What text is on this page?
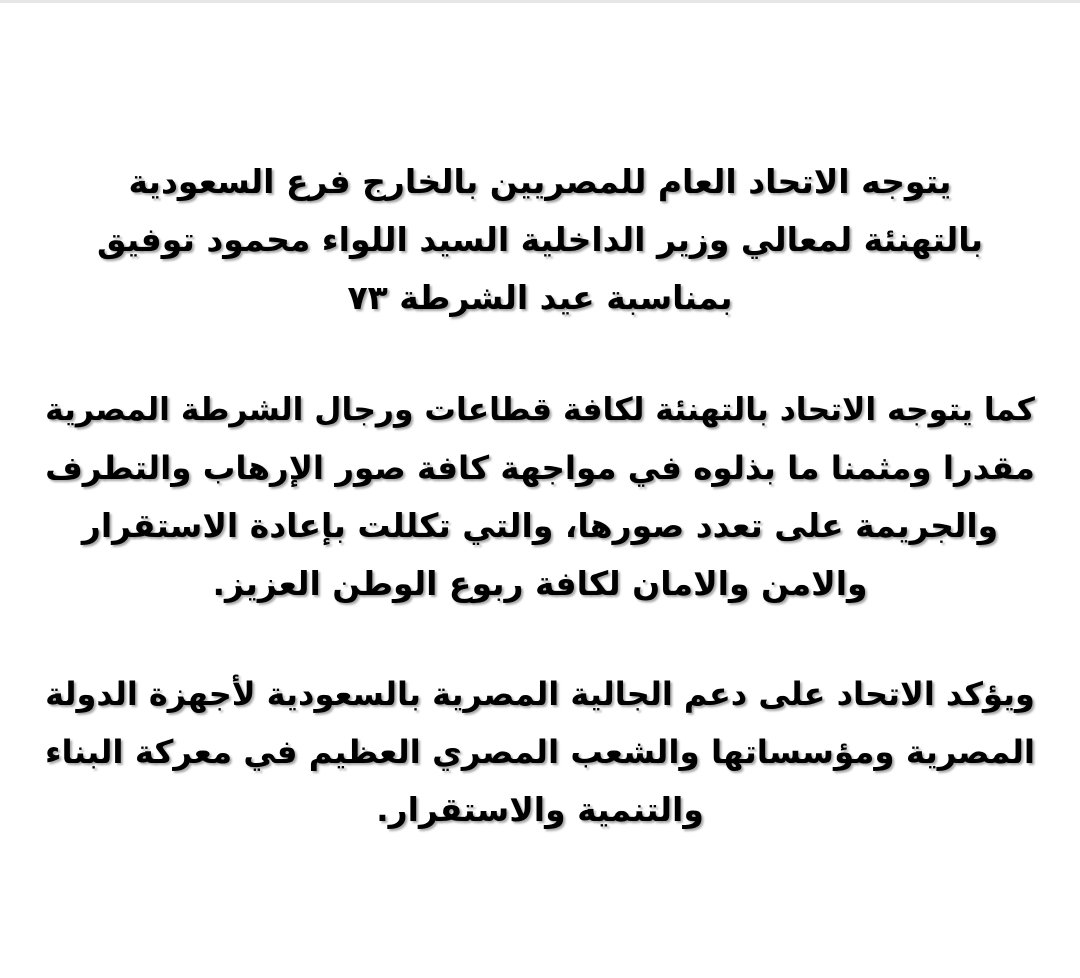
يتوجه الاتحاد العام للمصريين بالخارج فرع السعودية
بالتهنئة لمعالي وزير الداخلية السيد اللواء محمود توفيق
بمناسبة عيد الشرطة ٧٣
كما يتوجه الاتحاد بالتهنئة لكافة قطاعات ورجال الشرطة المصرية
مقدرا ومثمنا ما بذلوه في مواجهة كافة صور الإرهاب والتطرف
والجريمة على تعدد صورها، والتي تكللت بإعادة الاستقرار
والامن والامان لكافة ربوع الوطن العزيز.
ويؤكد الاتحاد على دعم الجالية المصرية بالسعودية لأجهزة الدولة
المصرية ومؤسساتها والشعب المصري العظيم في معركة البناء
والتنمية والاستقرار.
